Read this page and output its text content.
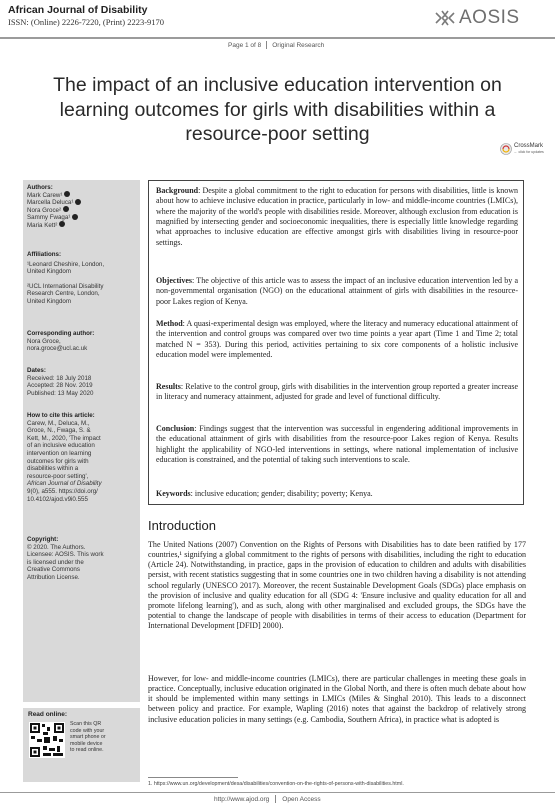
African Journal of Disability
ISSN: (Online) 2226-7220, (Print) 2223-9170	AOSIS
Page 1 of 8 Original Research
The impact of an inclusive education intervention on
learning outcomes for girls with disabilities within a
resource-poor setting
CrossMark
← click for updates
Authors:
Mark Carew¹
Marcella Deluca¹
Nora Groce²
Sammy Fwaga¹
Maria Kett²
Affiliations:
¹Leonard Cheshire, London,
United Kingdom
²UCL International Disability
Research Centre, London,
United Kingdom
Corresponding author:
Nora Groce,
nora.groce@ucl.ac.uk
Dates:
Received: 18 July 2018
Accepted: 28 Nov. 2019
Published: 13 May 2020
How to cite this article:
Carew, M., Deluca, M.,
Groce, N., Fwaga, S. &
Kett, M., 2020, 'The impact
of an inclusive education
intervention on learning
outcomes for girls with
disabilities within a
resource-poor setting',
African Journal of Disability
9(0), a555. https://doi.org/
10.4102/ajod.v9i0.555
Copyright:
© 2020. The Authors.
Licensee: AOSIS. This work
is licensed under the
Creative Commons
Attribution License.
Read online:
Scan this QR
code with your
smart phone or
mobile device
to read online.
Background: Despite a global commitment to the right to education for persons with disabilities, little is known about how to achieve inclusive education in practice, particularly in low- and middle-income countries (LMICs), where the majority of the world's people with disabilities reside. Moreover, although exclusion from education is magnified by intersecting gender and socioeconomic inequalities, there is especially little knowledge regarding what approaches to inclusive education are effective amongst girls with disabilities living in resource-poor settings.
Objectives: The objective of this article was to assess the impact of an inclusive education intervention led by a non-governmental organisation (NGO) on the educational attainment of girls with disabilities in the resource-poor Lakes region of Kenya.
Method: A quasi-experimental design was employed, where the literacy and numeracy educational attainment of the intervention and control groups was compared over two time points a year apart (Time 1 and Time 2; total matched N = 353). During this period, activities pertaining to six core components of a holistic inclusive education model were implemented.
Results: Relative to the control group, girls with disabilities in the intervention group reported a greater increase in literacy and numeracy attainment, adjusted for grade and level of functional difficulty.
Conclusion: Findings suggest that the intervention was successful in engendering additional improvements in the educational attainment of girls with disabilities from the resource-poor Lakes region of Kenya. Results highlight the applicability of NGO-led interventions in settings, where national implementation of inclusive education is constrained, and the potential of taking such interventions to scale.
Keywords: inclusive education; gender; disability; poverty; Kenya.
Introduction
The United Nations (2007) Convention on the Rights of Persons with Disabilities has to date been ratified by 177 countries,¹ signifying a global commitment to the rights of persons with disabilities, including the right to education (Article 24). Notwithstanding, in practice, gaps in the provision of education to children and adults with disabilities persist, with recent statistics suggesting that in some countries one in two children having a disability is not attending school regularly (UNESCO 2017). Moreover, the recent Sustainable Development Goals (SDGs) place emphasis on the provision of inclusive and quality education for all (SDG 4: 'Ensure inclusive and quality education for all and promote lifelong learning'), and as such, along with other marginalised and excluded groups, the SDGs have the potential to change the landscape of people with disabilities in terms of their access to education (Department for International Development [DFID] 2000).
However, for low- and middle-income countries (LMICs), there are particular challenges in meeting these goals in practice. Conceptually, inclusive education originated in the Global North, and there is often much debate about how it should be implemented within many settings in LMICs (Miles & Singhal 2010). This leads to a disconnect between policy and practice. For example, Wapling (2016) notes that against the backdrop of relatively strong inclusive education policies in many settings (e.g. Cambodia, Southern Africa), in practice what is adopted is
1. https://www.un.org/development/desa/disabilities/convention-on-the-rights-of-persons-with-disabilities.html.
http://www.ajod.org Open Access
